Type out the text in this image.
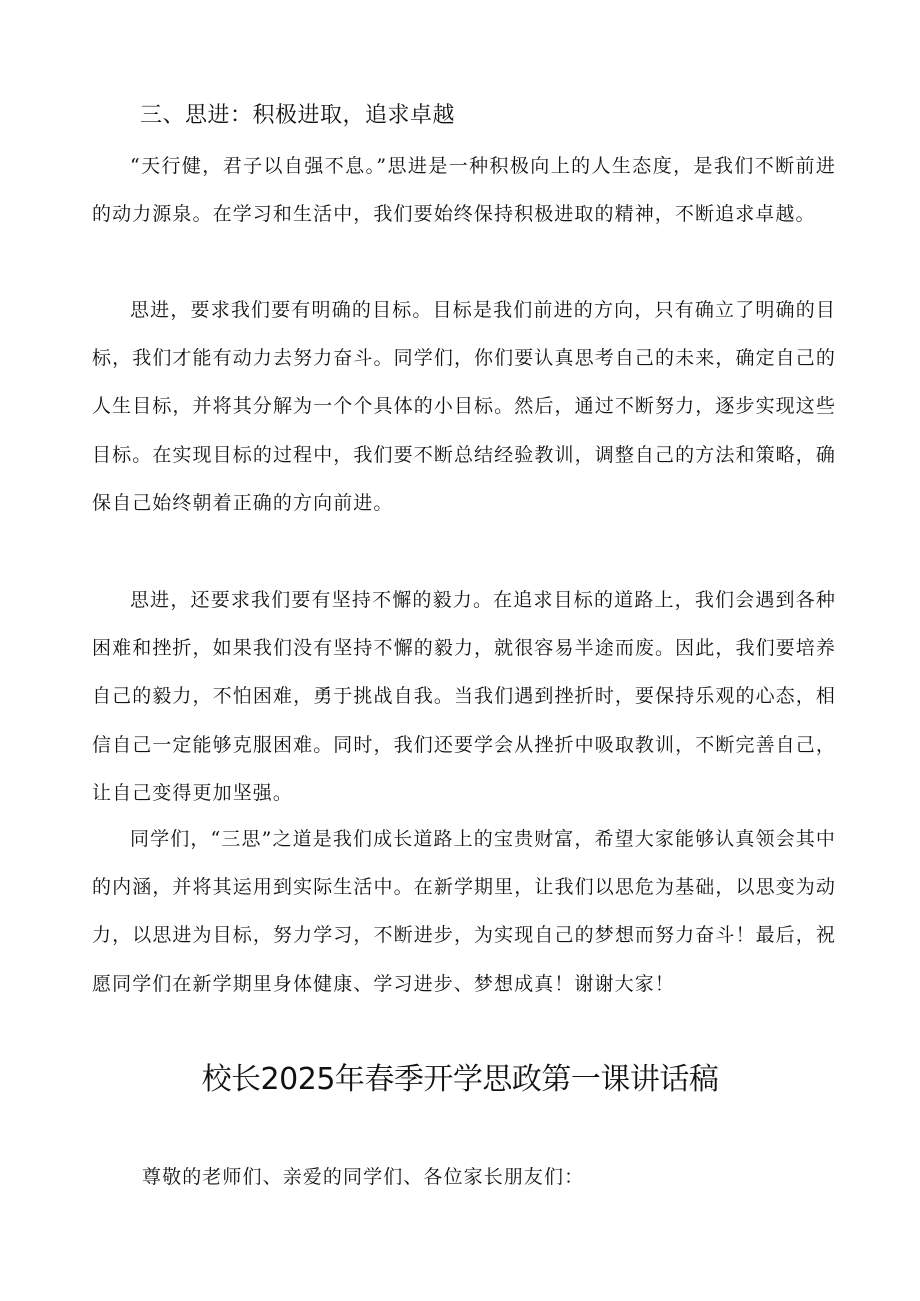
三、思进：积极进取，追求卓越

“天行健，君子以自强不息。”思进是一种积极向上的人生态度，是我们不断前进的动力源泉。在学习和生活中，我们要始终保持积极进取的精神，不断追求卓越。

思进，要求我们要有明确的目标。目标是我们前进的方向，只有确立了明确的目标，我们才能有动力去努力奋斗。同学们，你们要认真思考自己的未来，确定自己的人生目标，并将其分解为一个个具体的小目标。然后，通过不断努力，逐步实现这些目标。在实现目标的过程中，我们要不断总结经验教训，调整自己的方法和策略，确保自己始终朝着正确的方向前进。

思进，还要求我们要有坚持不懈的毅力。在追求目标的道路上，我们会遇到各种困难和挫折，如果我们没有坚持不懈的毅力，就很容易半途而废。因此，我们要培养自己的毅力，不怕困难，勇于挑战自我。当我们遇到挫折时，要保持乐观的心态，相信自己一定能够克服困难。同时，我们还要学会从挫折中吸取教训，不断完善自己，让自己变得更加坚强。

同学们，“三思”之道是我们成长道路上的宝贵财富，希望大家能够认真领会其中的内涵，并将其运用到实际生活中。在新学期里，让我们以思危为基础，以思变为动力，以思进为目标，努力学习，不断进步，为实现自己的梦想而努力奋斗！最后，祝愿同学们在新学期里身体健康、学习进步、梦想成真！谢谢大家！

校长2025年春季开学思政第一课讲话稿
尊敬的老师们、亲爱的同学们、各位家长朋友们：
